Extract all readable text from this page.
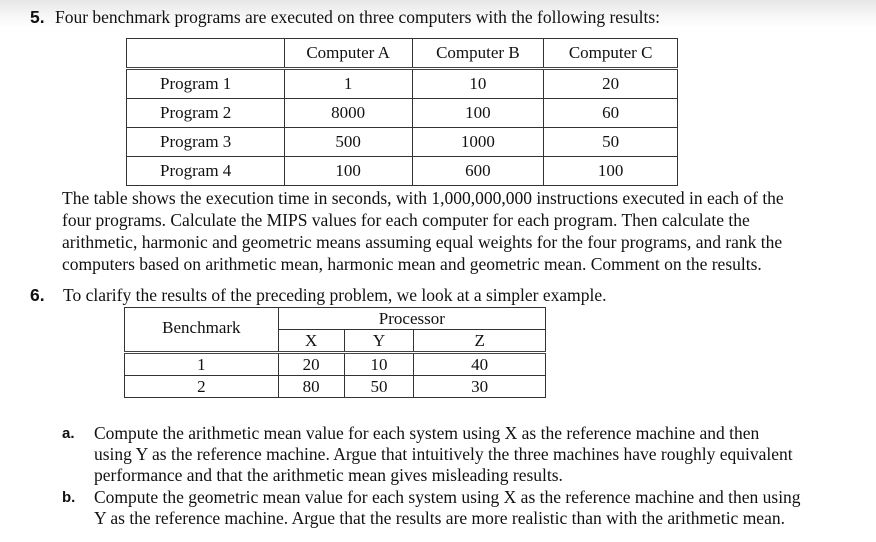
5. Four benchmark programs are executed on three computers with the following results:
	Computer A	Computer B	Computer C
Program 1	1	10	20
Program 2	8000	100	60
Program 3	500	1000	50
Program 4	100	600	100
The table shows the execution time in seconds, with 1,000,000,000 instructions executed in each of the
four programs. Calculate the MIPS values for each computer for each program. Then calculate the
arithmetic, harmonic and geometric means assuming equal weights for the four programs, and rank the
computers based on arithmetic mean, harmonic mean and geometric mean. Comment on the results.
6. To clarify the results of the preceding problem, we look at a simpler example.
Benchmark	Processor		
	X	Y	Z
1	20	10	40
2	80	50	30
a. Compute the arithmetic mean value for each system using X as the reference machine and then
using Y as the reference machine. Argue that intuitively the three machines have roughly equivalent
performance and that the arithmetic mean gives misleading results.
b. Compute the geometric mean value for each system using X as the reference machine and then using
Y as the reference machine. Argue that the results are more realistic than with the arithmetic mean.
